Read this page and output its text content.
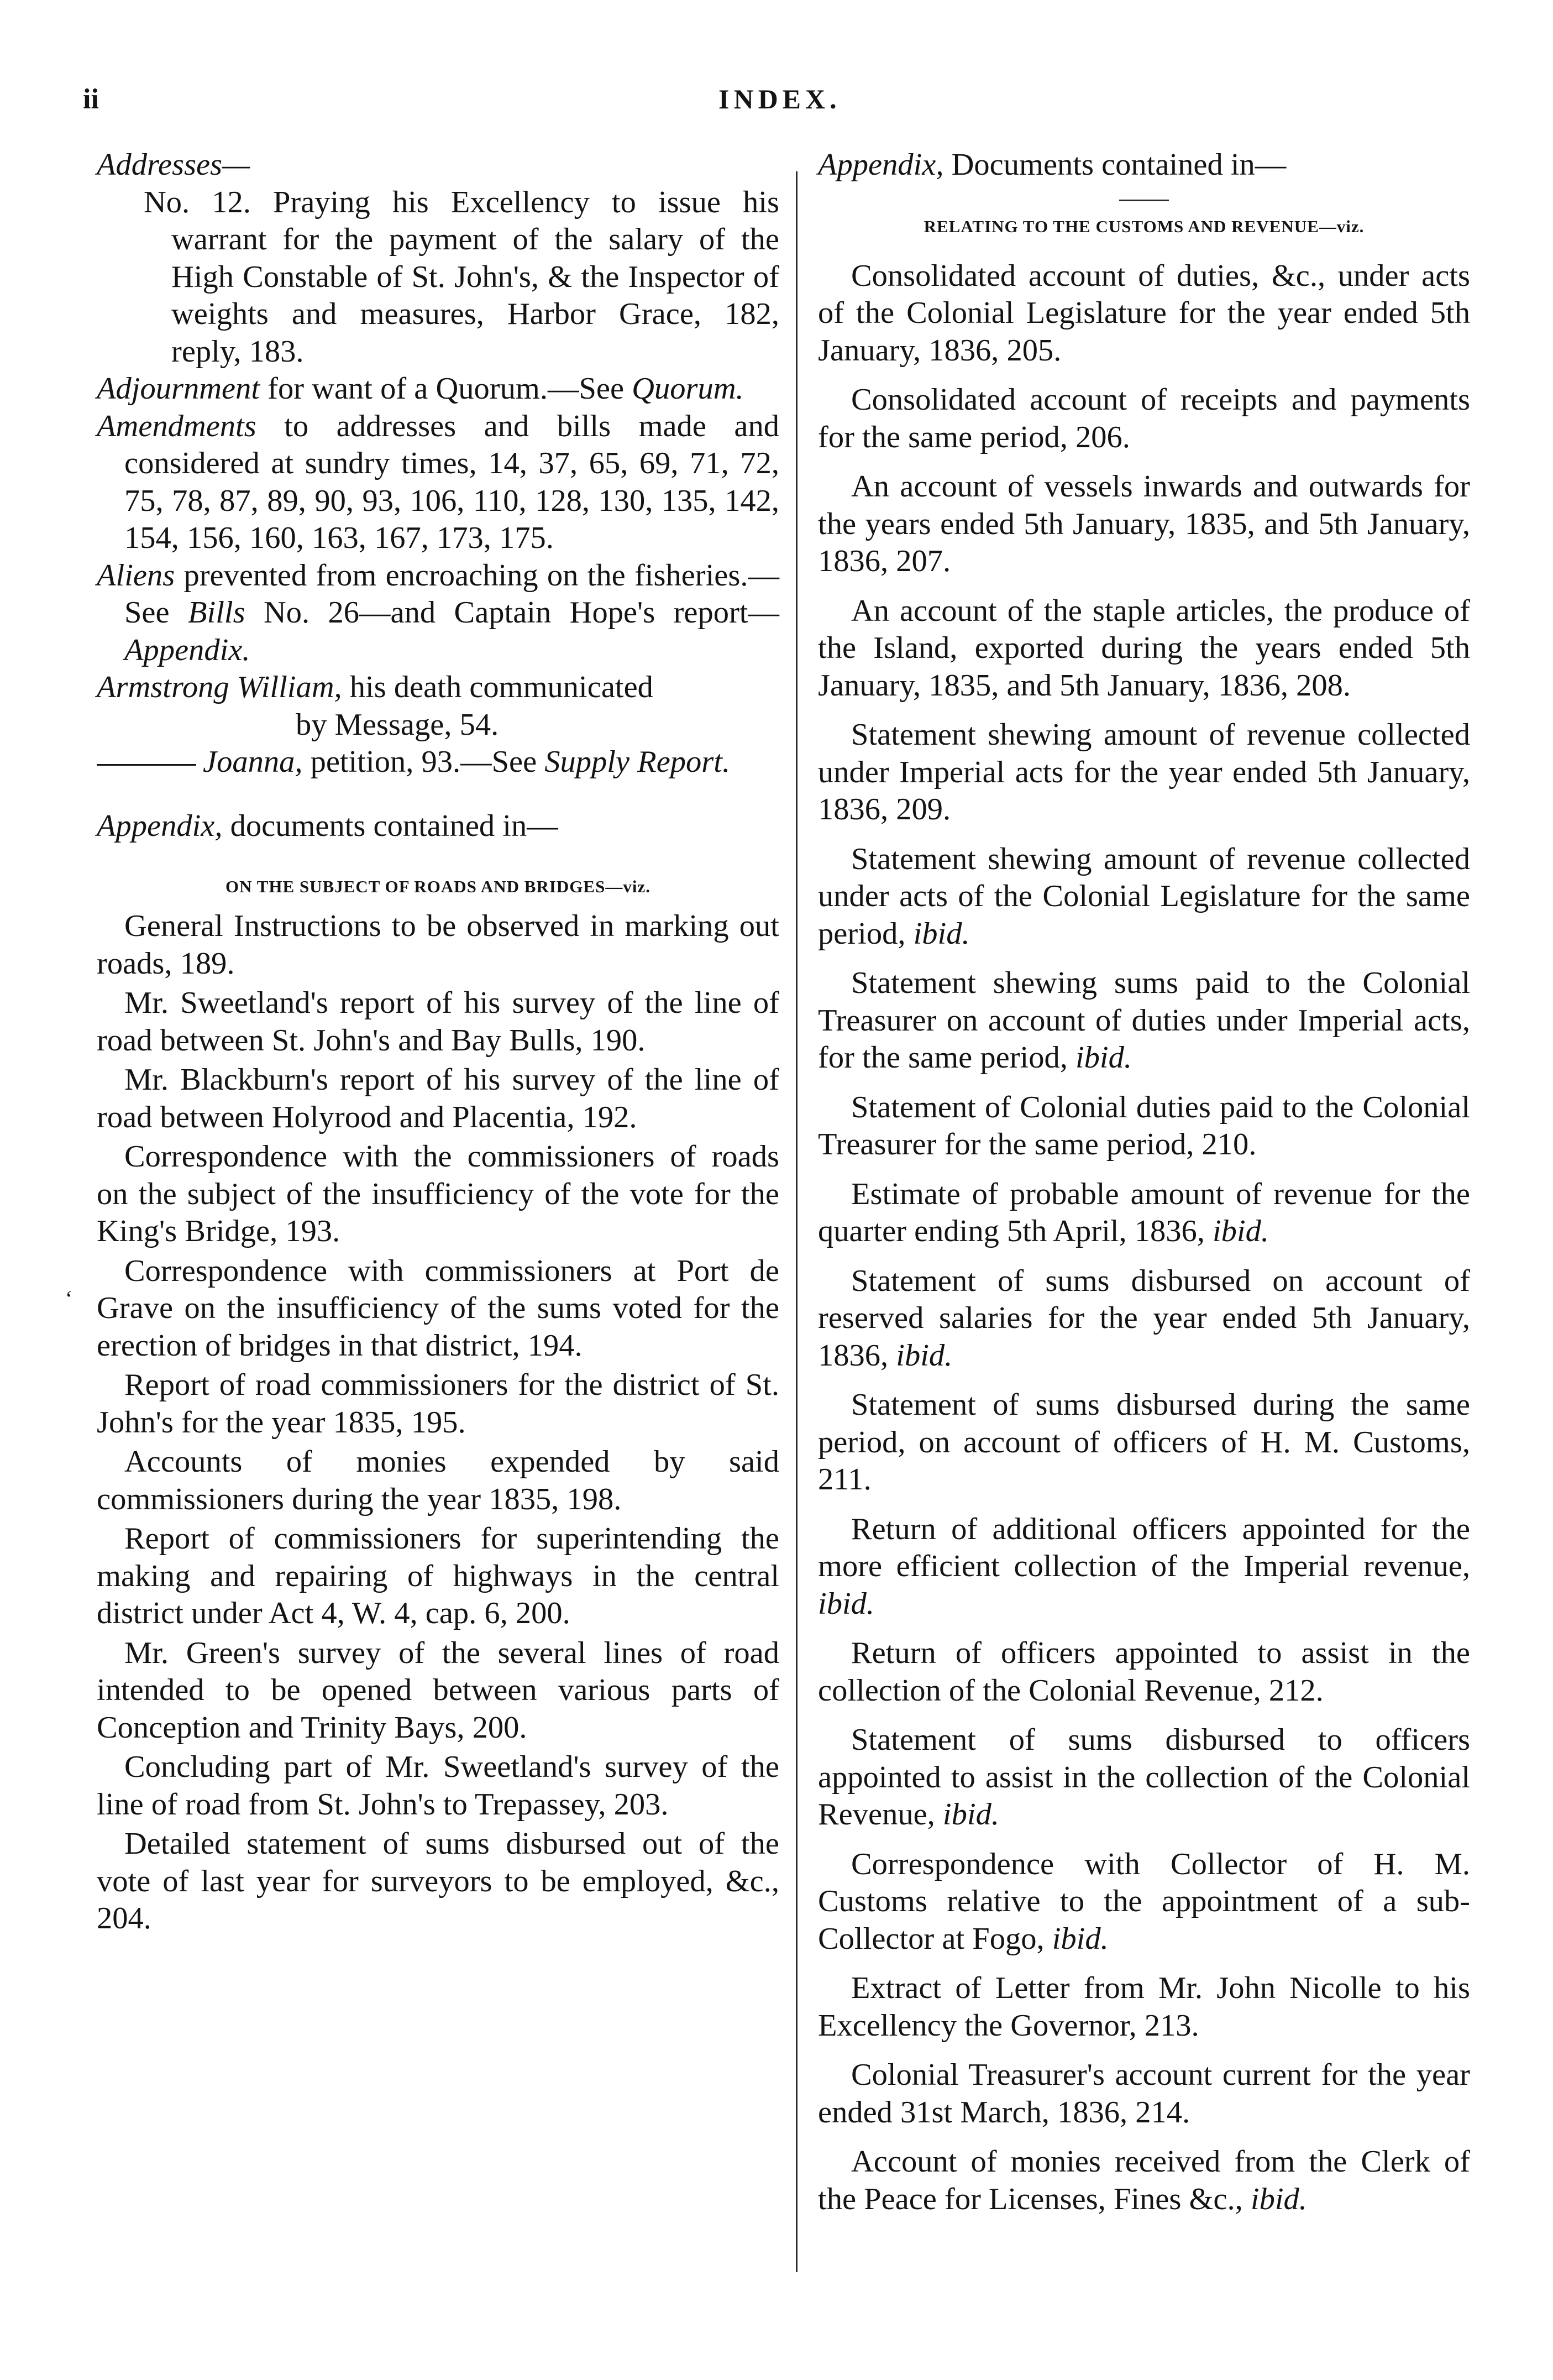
ii	INDEX.
‘

Addresses—

No. 12. Praying his Excellency to issue his warrant for the payment of the salary of the High Constable of St. John's, & the Inspector of weights and measures, Harbor Grace, 182, reply, 183.

Adjournment for want of a Quorum.—See Quorum.

Amendments to addresses and bills made and considered at sundry times, 14, 37, 65, 69, 71, 72, 75, 78, 87, 89, 90, 93, 106, 110, 128, 130, 135, 142, 154, 156, 160, 163, 167, 173, 175.

Aliens prevented from encroaching on the fisheries.—See Bills No. 26—and Captain Hope's report—Appendix.

Armstrong William, his death communicated

by Message, 54.

Joanna, petition, 93.—See Supply Report.

Appendix, documents contained in—

ON THE SUBJECT OF ROADS AND BRIDGES—viz.

General Instructions to be observed in marking out roads, 189.

Mr. Sweetland's report of his survey of the line of road between St. John's and Bay Bulls, 190.

Mr. Blackburn's report of his survey of the line of road between Holyrood and Placentia, 192.

Correspondence with the commissioners of roads on the subject of the insufficiency of the vote for the King's Bridge, 193.

Correspondence with commissioners at Port de Grave on the insufficiency of the sums voted for the erection of bridges in that district, 194.

Report of road commissioners for the district of St. John's for the year 1835, 195.

Accounts of monies expended by said commissioners during the year 1835, 198.

Report of commissioners for superintending the making and repairing of highways in the central district under Act 4, W. 4, cap. 6, 200.

Mr. Green's survey of the several lines of road intended to be opened between various parts of Conception and Trinity Bays, 200.

Concluding part of Mr. Sweetland's survey of the line of road from St. John's to Trepassey, 203.

Detailed statement of sums disbursed out of the vote of last year for surveyors to be employed, &c., 204.

Appendix, Documents contained in—

RELATING TO THE CUSTOMS AND REVENUE—viz.

Consolidated account of duties, &c., under acts of the Colonial Legislature for the year ended 5th January, 1836, 205.

Consolidated account of receipts and payments for the same period, 206.

An account of vessels inwards and outwards for the years ended 5th January, 1835, and 5th January, 1836, 207.

An account of the staple articles, the produce of the Island, exported during the years ended 5th January, 1835, and 5th January, 1836, 208.

Statement shewing amount of revenue collected under Imperial acts for the year ended 5th January, 1836, 209.

Statement shewing amount of revenue collected under acts of the Colonial Legislature for the same period, ibid.

Statement shewing sums paid to the Colonial Treasurer on account of duties under Imperial acts, for the same period, ibid.

Statement of Colonial duties paid to the Colonial Treasurer for the same period, 210.

Estimate of probable amount of revenue for the quarter ending 5th April, 1836, ibid.

Statement of sums disbursed on account of reserved salaries for the year ended 5th January, 1836, ibid.

Statement of sums disbursed during the same period, on account of officers of H. M. Customs, 211.

Return of additional officers appointed for the more efficient collection of the Imperial revenue, ibid.

Return of officers appointed to assist in the collection of the Colonial Revenue, 212.

Statement of sums disbursed to officers appointed to assist in the collection of the Colonial Revenue, ibid.

Correspondence with Collector of H. M. Customs relative to the appointment of a sub-Collector at Fogo, ibid.

Extract of Letter from Mr. John Nicolle to his Excellency the Governor, 213.

Colonial Treasurer's account current for the year ended 31st March, 1836, 214.

Account of monies received from the Clerk of the Peace for Licenses, Fines &c., ibid.
